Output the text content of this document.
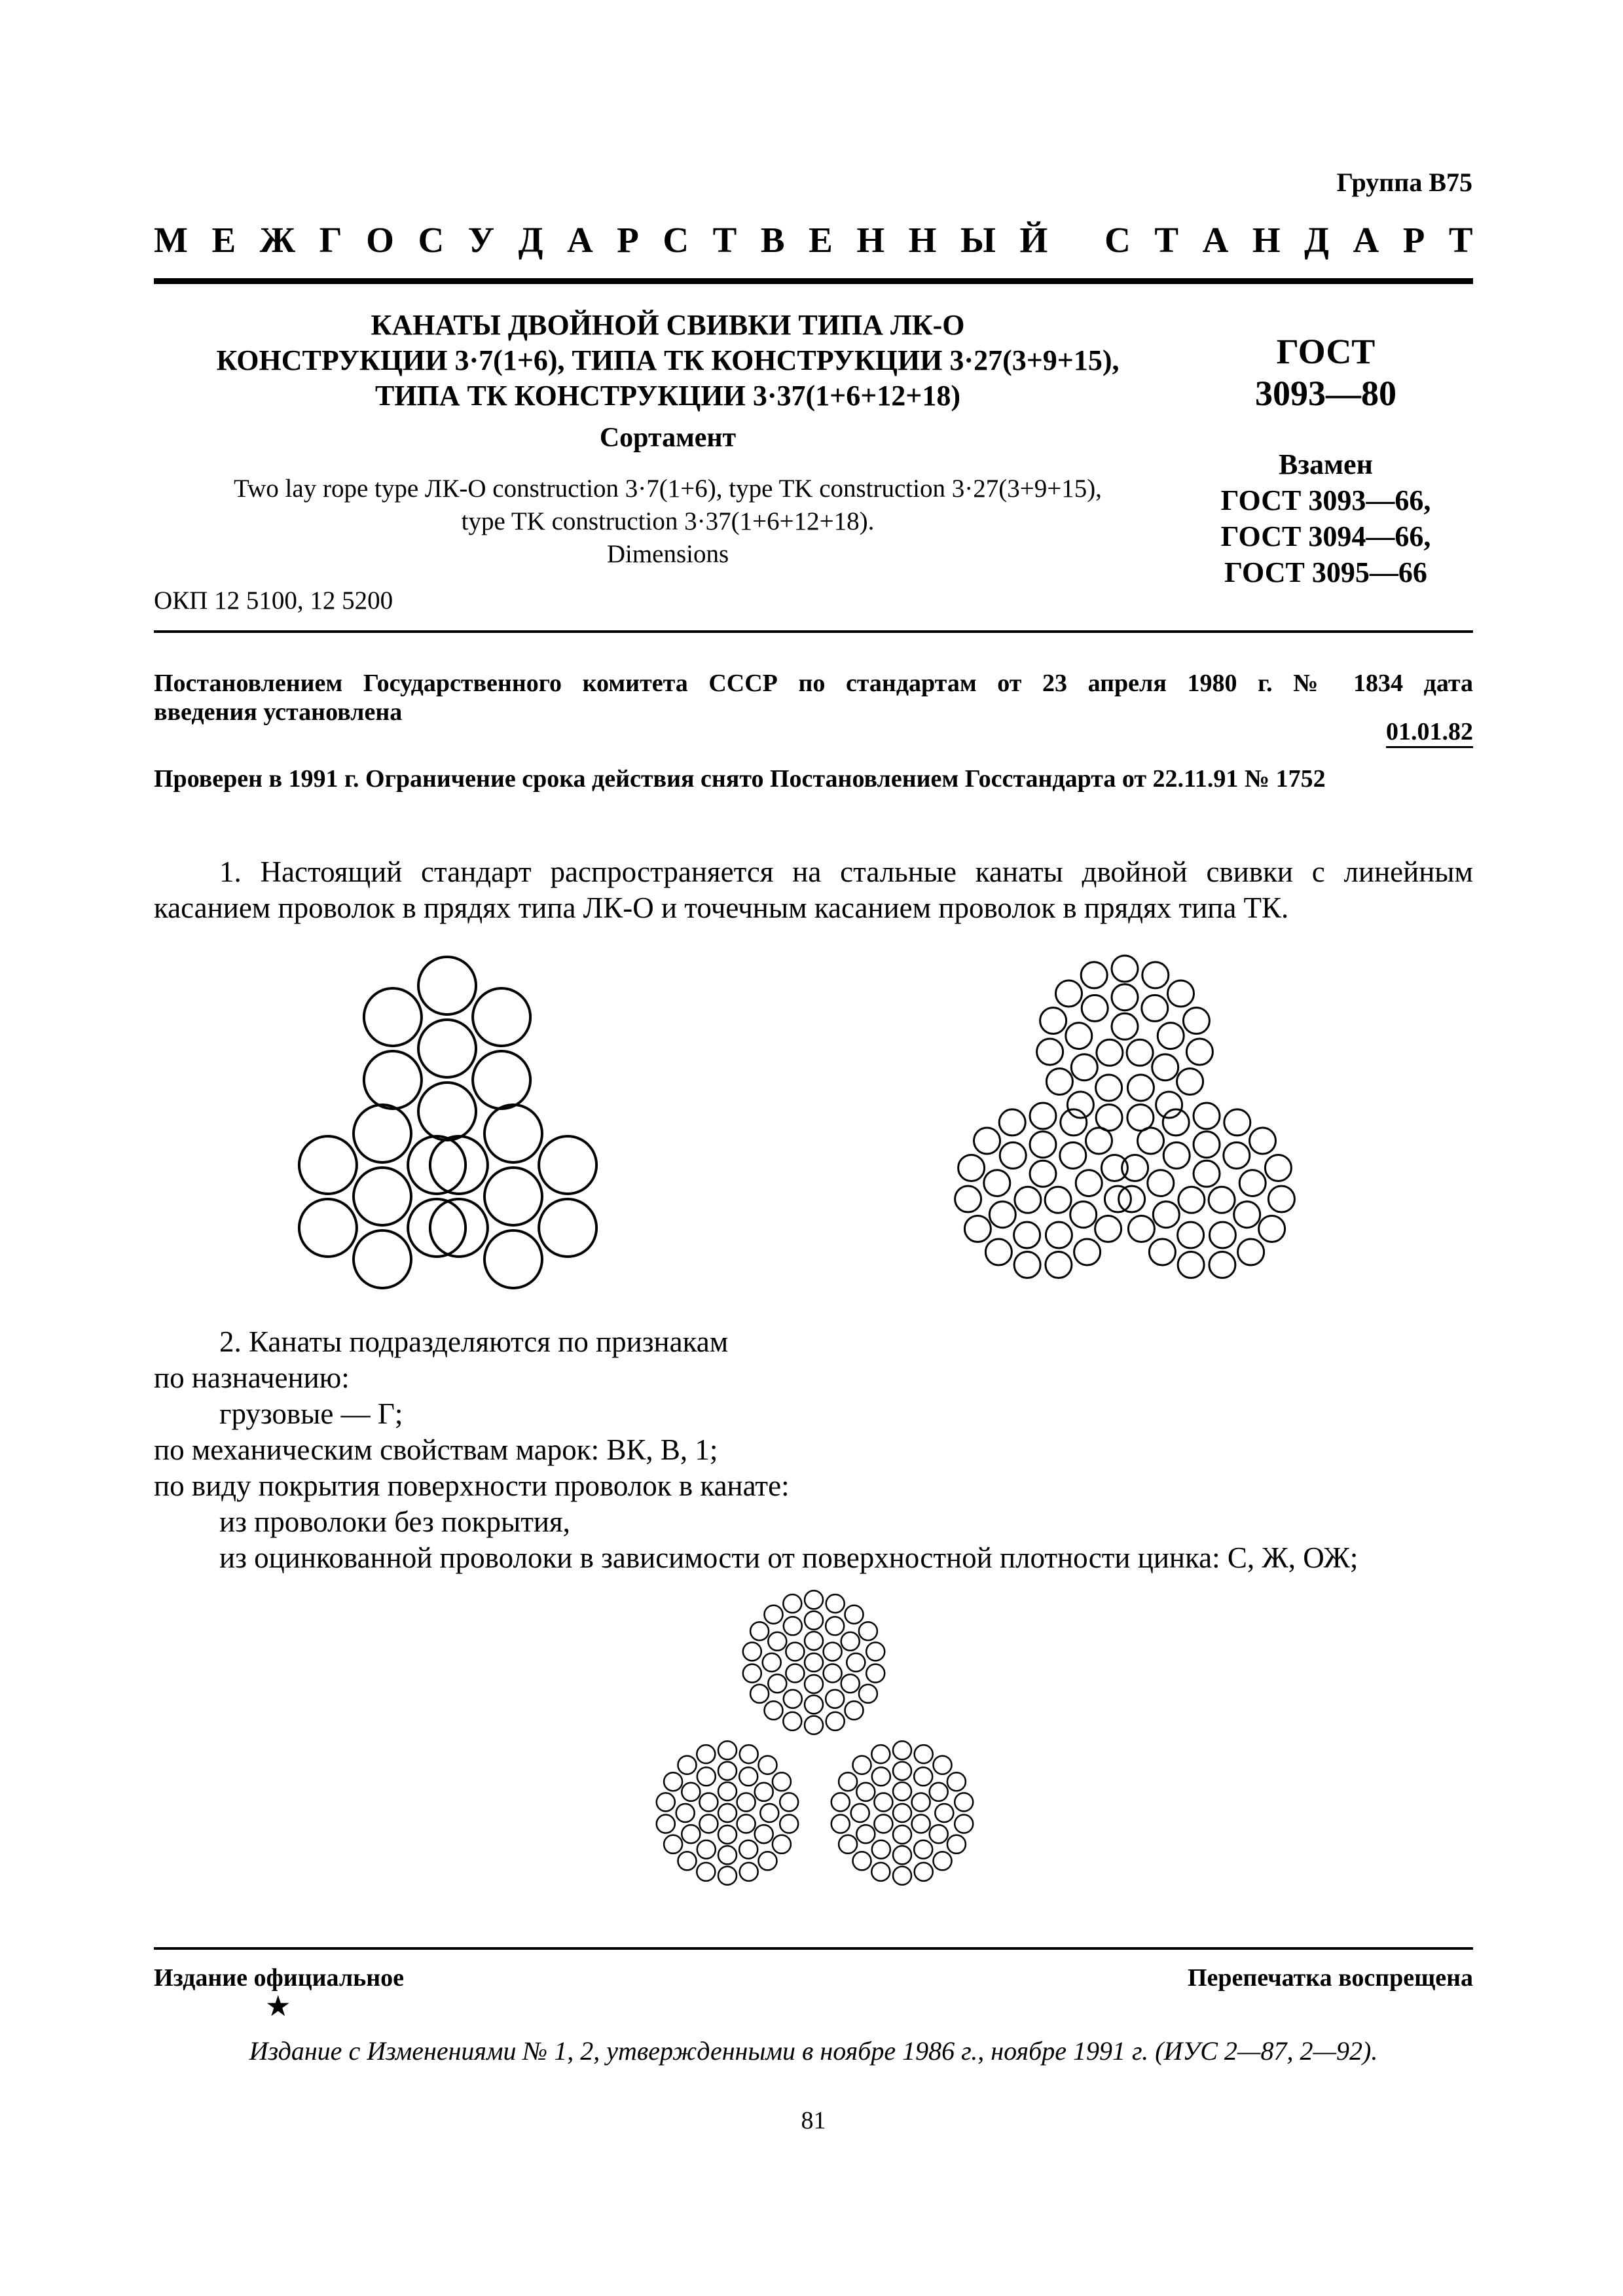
Группа В75
М Е Ж Г О С У Д А Р С Т В Е Н Н Ы Й
С Т А Н Д А Р Т
КАНАТЫ ДВОЙНОЙ СВИВКИ ТИПА ЛК-О
КОНСТРУКЦИИ 3·7(1+6), ТИПА ТК КОНСТРУКЦИИ 3·27(3+9+15),
ТИПА ТК КОНСТРУКЦИИ 3·37(1+6+12+18)
Сортамент
Two lay rope type ЛК-О construction 3·7(1+6), type TK construction 3·27(3+9+15),
type TK construction 3·37(1+6+12+18).
Dimensions
ГОСТ
3093—80
Взамен
ГОСТ 3093—66,
ГОСТ 3094—66,
ГОСТ 3095—66
ОКП 12 5100, 12 5200
Постановлением Государственного комитета СССР по стандартам от 23 апреля 1980 г. № 1834 дата
введения установлена
01.01.82
Проверен в 1991 г. Ограничение срока действия снято Постановлением Госстандарта от 22.11.91 № 1752
1. Настоящий стандарт распространяется на стальные канаты двойной свивки с линейным касанием проволок в прядях типа ЛК-О и точечным касанием проволок в прядях типа ТК.
2. Канаты подразделяются по признакам
по назначению:
грузовые — Г;
по механическим свойствам марок: ВК, В, 1;
по виду покрытия поверхности проволок в канате:
из проволоки без покрытия,
из оцинкованной проволоки в зависимости от поверхностной плотности цинка: С, Ж, ОЖ;
Издание официальное	Перепечатка воспрещена
★
Издание с Изменениями № 1, 2, утвержденными в ноябре 1986 г., ноябре 1991 г. (ИУС 2—87, 2—92).
81
